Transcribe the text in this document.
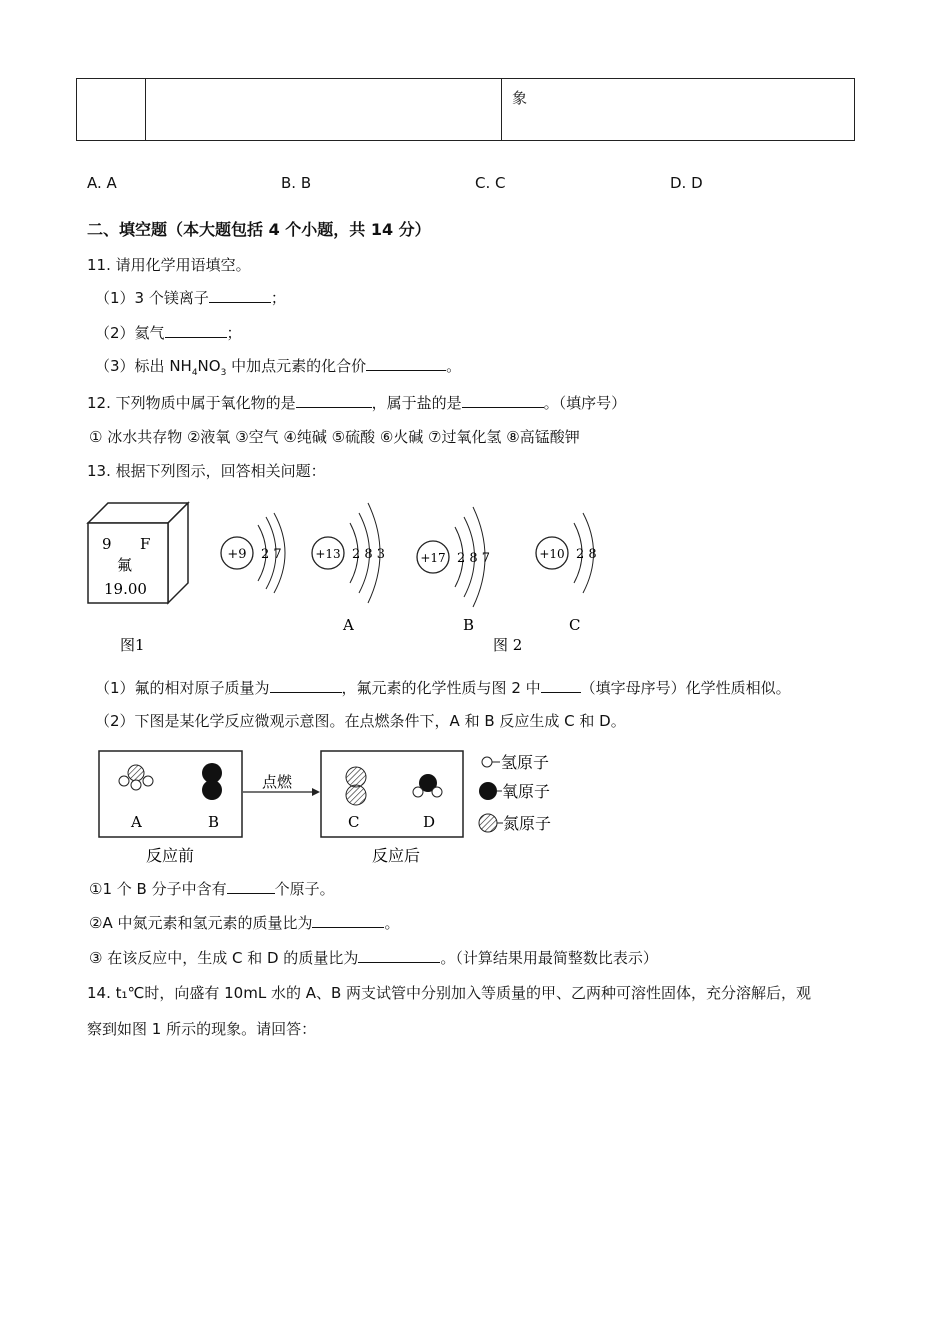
		象
A. A	B. B	C. C	D. D
二、填空题（本大题包括 4 个小题，共 14 分）
11. 请用化学用语填空。
（1）3 个镁离子	；
（2）氦气	；
（3）标出 $NH_4NO_3$ 中加点元素的化合价	。
12. 下列物质中属于氧化物的是	，属于盐的是	。（填序号）
① 冰水共存物 ②液氧 ③空气 ④纯碱 ⑤硫酸 ⑥火碱 ⑦过氧化氢 ⑧高锰酸钾
13. 根据下列图示，回答相关问题：
9 F
氟
19.00
图1
+9 2 7	+13 2 8 3
A
+17 2 8 7
B
+10 2 8
C
图 2
（1）氟的相对原子质量为	，氟元素的化学性质与图 2 中	（填字母序号）化学性质相似。
（2）下图是某化学反应微观示意图。在点燃条件下，A 和 B 反应生成 C 和 D。
A	B
点燃
C	D
反应前	反应后
氢原子
氧原子
氮原子
①1 个 B 分子中含有	个原子。
②A 中氮元素和氢元素的质量比为	。
③ 在该反应中，生成 C 和 D 的质量比为	。（计算结果用最简整数比表示）
14. t₁℃时，向盛有 10mL 水的 A、B 两支试管中分别加入等质量的甲、乙两种可溶性固体，充分溶解后，观
察到如图 1 所示的现象。请回答：
